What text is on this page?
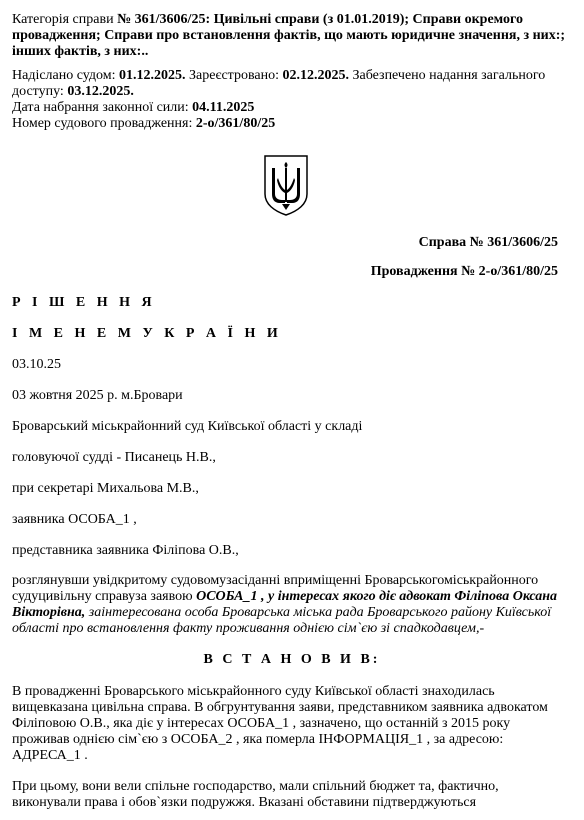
Категорія справи № 361/3606/25: Цивільні справи (з 01.01.2019); Справи окремого провадження; Справи про встановлення фактів, що мають юридичне значення, з них:; інших фактів, з них:..

Надіслано судом: 01.12.2025. Зареєстровано: 02.12.2025. Забезпечено надання загального доступу: 03.12.2025.

Дата набрання законної сили: 04.11.2025

Номер судового провадження: 2-о/361/80/25

Справа № 361/3606/25
Провадження № 2-о/361/80/25

Р І Ш Е Н Н Я

І М Е Н Е М У К Р А Ї Н И

03.10.25

03 жовтня 2025 р. м.Бровари

Броварський міськрайонний суд Київської області у складі

головуючої судді - Писанець Н.В.,

при секретарі Михальова М.В.,

заявника ОСОБА_1 ,

представника заявника Філіпова О.В.,

розглянувши увідкритому судовомузасіданні вприміщенні Броварськогоміськрайонного судуцивільну справуза заявою ОСОБА_1 , у інтересах якого діє адвокат Філіпова Оксана Вікторівна, заінтересована особа Броварська міська рада Броварського району Київської області про встановлення факту проживання однією сім`єю зі спадкодавцем,-

В С Т А Н О В И В:

В провадженні Броварського міськрайонного суду Київської області знаходилась вищевказана цивільна справа. В обгрунтування заяви, представником заявника адвокатом Філіповою О.В., яка діє у інтересах ОСОБА_1 , зазначено, що останній з 2015 року проживав однією сім`єю з ОСОБА_2 , яка померла ІНФОРМАЦІЯ_1 , за адресою: АДРЕСА_1 .

При цьому, вони вели спільне господарство, мали спільний бюджет та, фактично, виконували права і обов`язки подружжя. Вказані обставини підтверджуються
